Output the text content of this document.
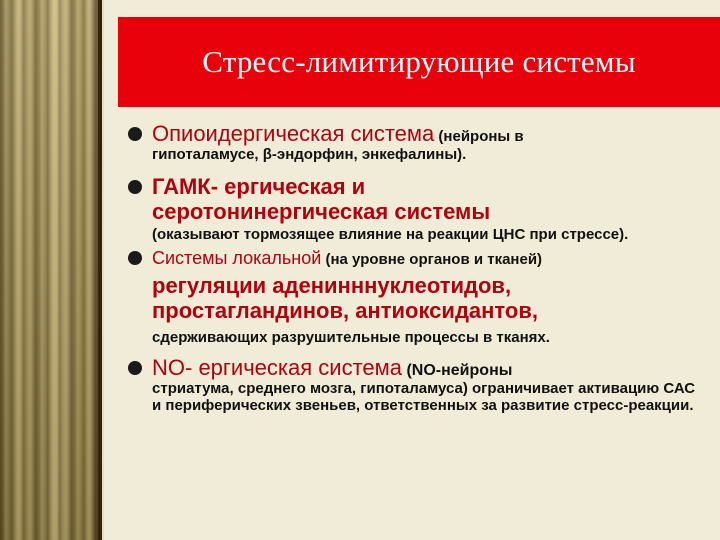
Стресс-лимитирующие системы
Опиоидергическая система (нейроны в
гипоталамусе, β-эндорфин, энкефалины).
ГАМК- ергическая и
серотонинергическая системы
(оказывают тормозящее влияние на реакции ЦНС при стрессе).
Системы локальной (на уровне органов и тканей)
регуляции аденинннуклеотидов,
простагландинов, антиоксидантов,
сдерживающих разрушительные процессы в тканях.
NO- ергическая система (NO-нейроны
стриатума, среднего мозга, гипоталамуса) ограничивает активацию САС и периферических звеньев, ответственных за развитие стресс-реакции.
